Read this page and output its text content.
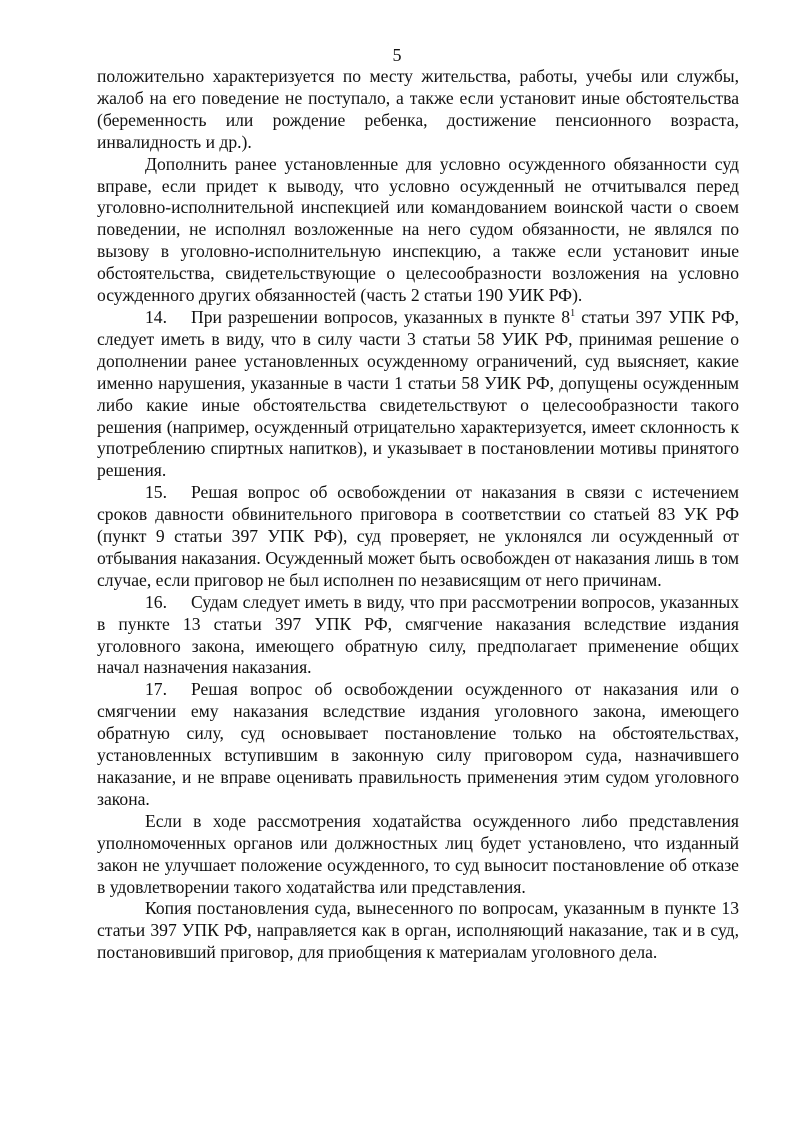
5

положительно характеризуется по месту жительства, работы, учебы или службы, жалоб на его поведение не поступало, а также если установит иные обстоятельства (беременность или рождение ребенка, достижение пенсионного возраста, инвалидность и др.).

Дополнить ранее установленные для условно осужденного обязанности суд вправе, если придет к выводу, что условно осужденный не отчитывался перед уголовно-исполнительной инспекцией или командованием воинской части о своем поведении, не исполнял возложенные на него судом обязанности, не являлся по вызову в уголовно-исполнительную инспекцию, а также если установит иные обстоятельства, свидетельствующие о целесообразности возложения на условно осужденного других обязанностей (часть 2 статьи 190 УИК РФ).

14. При разрешении вопросов, указанных в пункте $8^1$ статьи 397 УПК РФ, следует иметь в виду, что в силу части 3 статьи 58 УИК РФ, принимая решение о дополнении ранее установленных осужденному ограничений, суд выясняет, какие именно нарушения, указанные в части 1 статьи 58 УИК РФ, допущены осужденным либо какие иные обстоятельства свидетельствуют о целесообразности такого решения (например, осужденный отрицательно характеризуется, имеет склонность к употреблению спиртных напитков), и указывает в постановлении мотивы принятого решения.

15. Решая вопрос об освобождении от наказания в связи с истечением сроков давности обвинительного приговора в соответствии со статьей 83 УК РФ (пункт 9 статьи 397 УПК РФ), суд проверяет, не уклонялся ли осужденный от отбывания наказания. Осужденный может быть освобожден от наказания лишь в том случае, если приговор не был исполнен по независящим от него причинам.

16. Судам следует иметь в виду, что при рассмотрении вопросов, указанных в пункте 13 статьи 397 УПК РФ, смягчение наказания вследствие издания уголовного закона, имеющего обратную силу, предполагает применение общих начал назначения наказания.

17. Решая вопрос об освобождении осужденного от наказания или о смягчении ему наказания вследствие издания уголовного закона, имеющего обратную силу, суд основывает постановление только на обстоятельствах, установленных вступившим в законную силу приговором суда, назначившего наказание, и не вправе оценивать правильность применения этим судом уголовного закона.

Если в ходе рассмотрения ходатайства осужденного либо представления уполномоченных органов или должностных лиц будет установлено, что изданный закон не улучшает положение осужденного, то суд выносит постановление об отказе в удовлетворении такого ходатайства или представления.

Копия постановления суда, вынесенного по вопросам, указанным в пункте 13 статьи 397 УПК РФ, направляется как в орган, исполняющий наказание, так и в суд, постановивший приговор, для приобщения к материалам уголовного дела.
